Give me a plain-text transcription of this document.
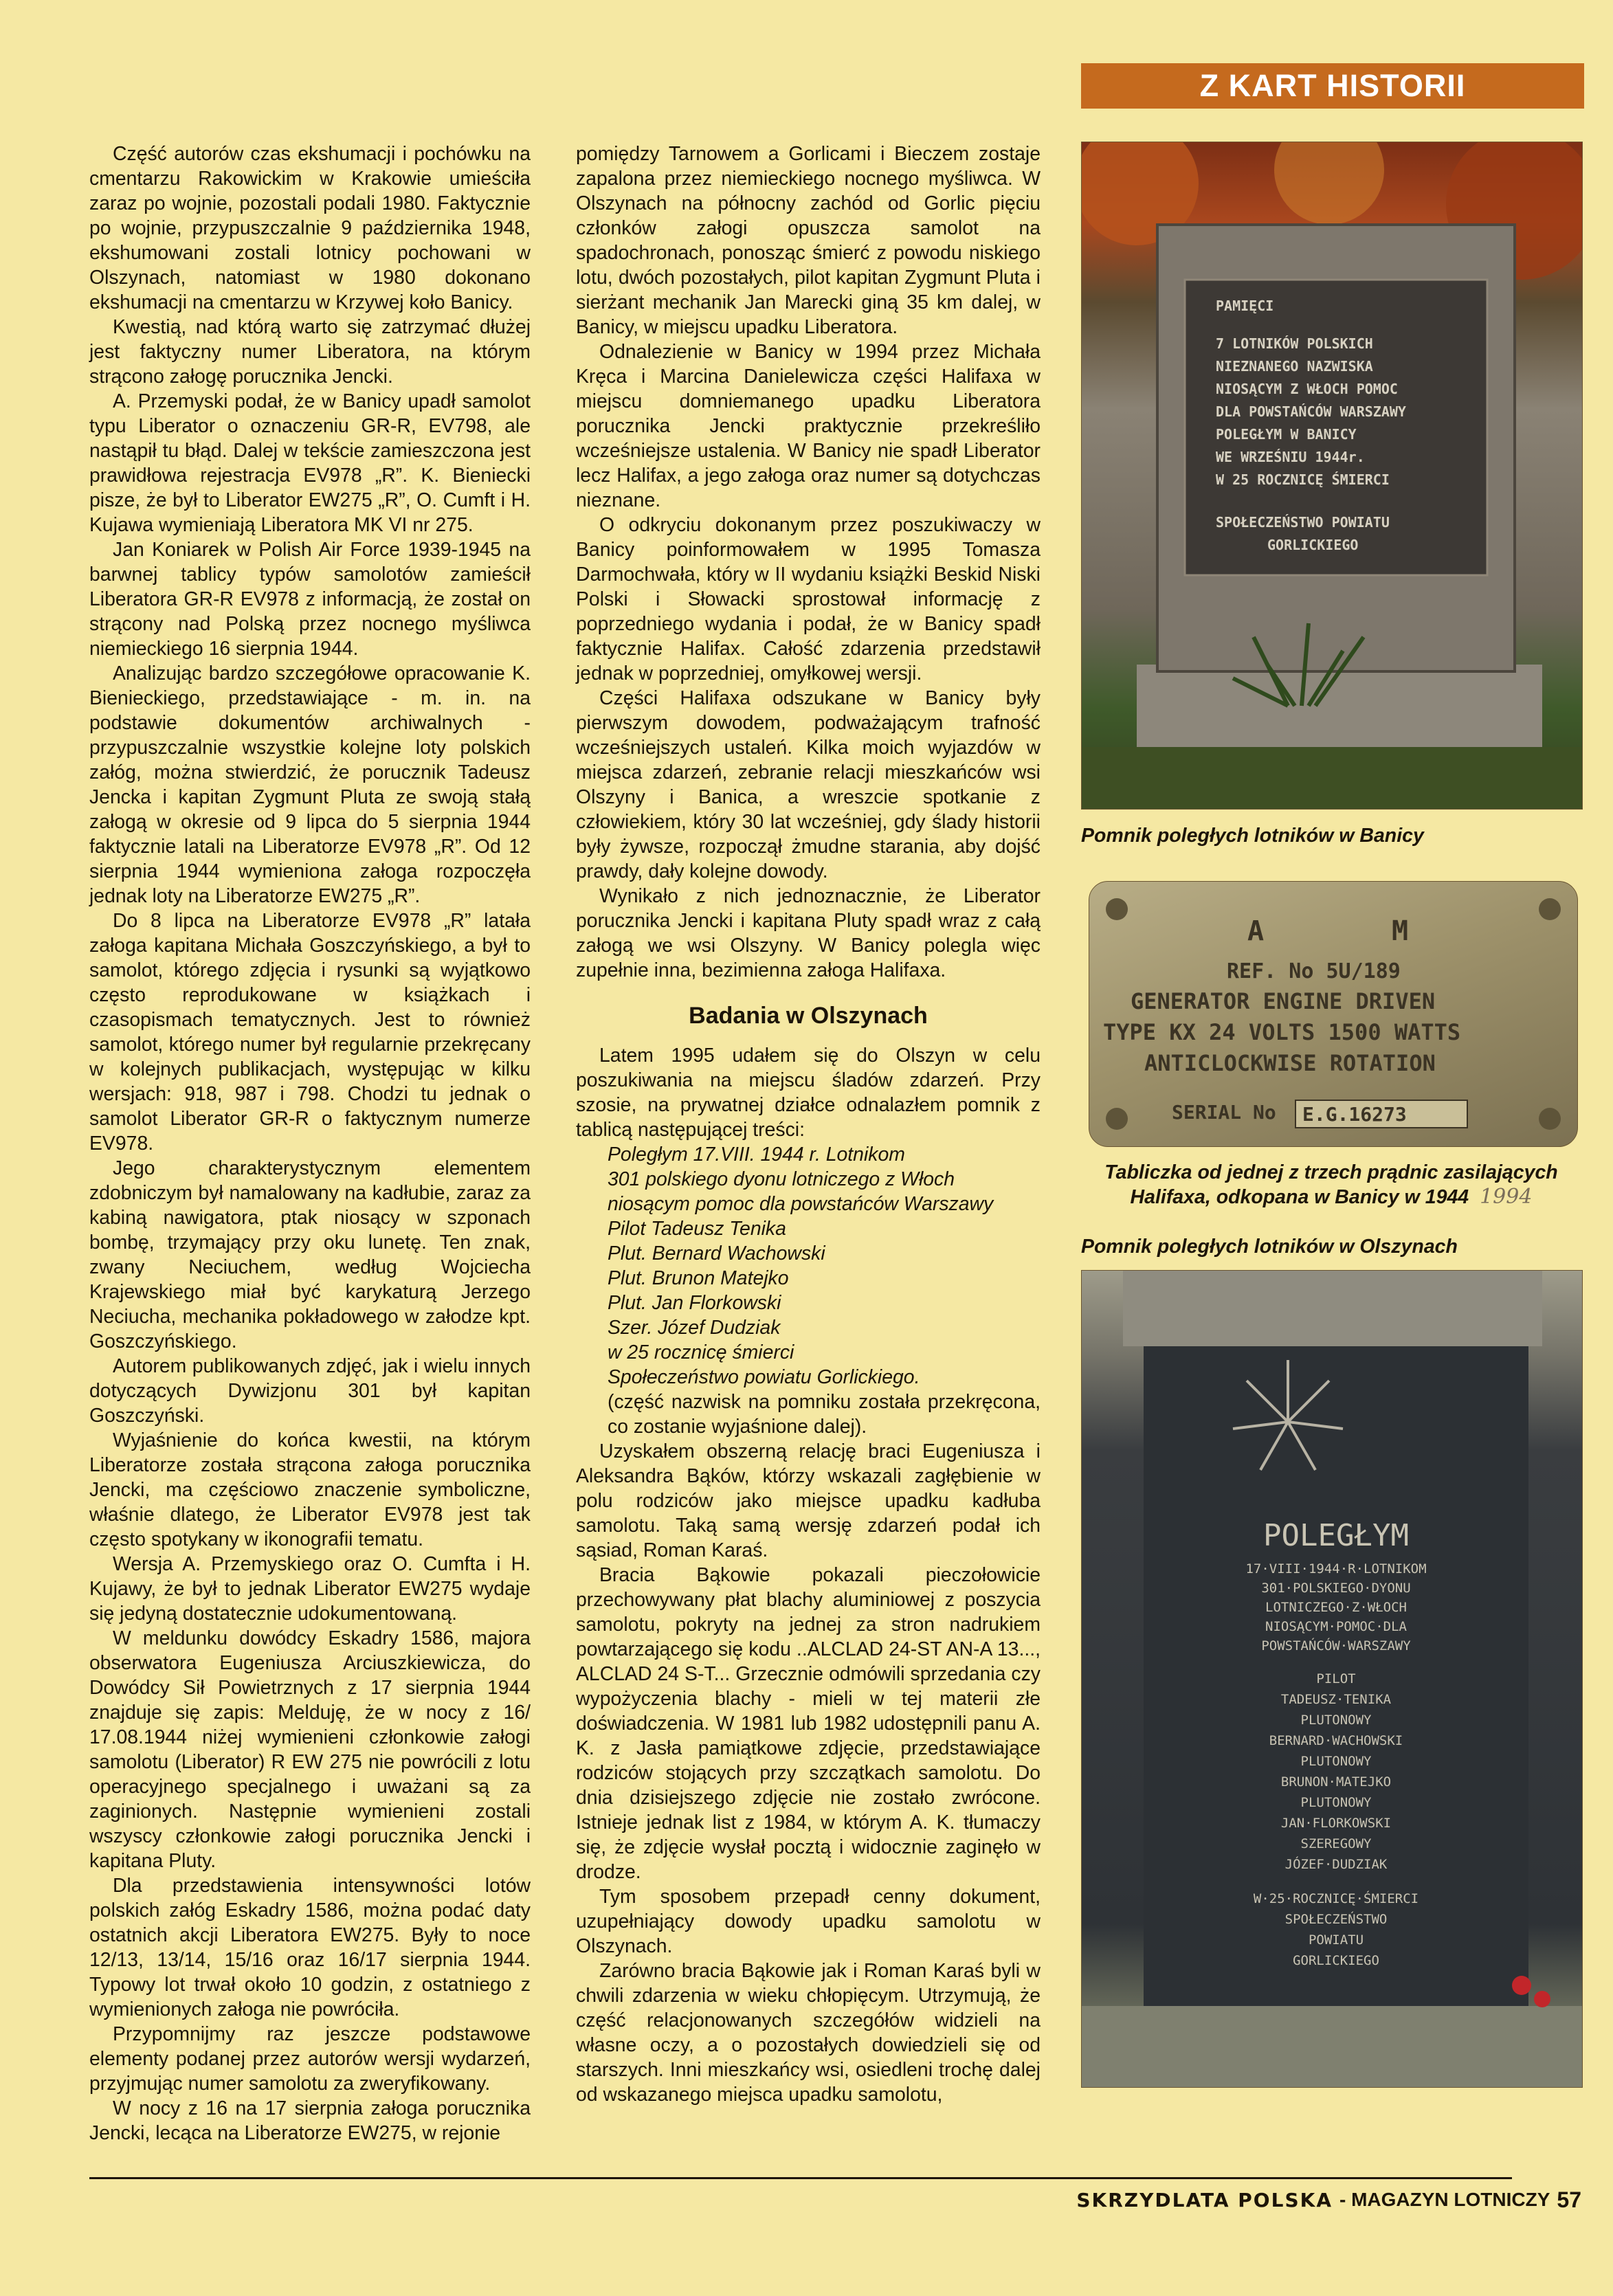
Z KART HISTORII

Część autorów czas ekshumacji i pochówku na cmentarzu Rakowickim w Krakowie umieściła zaraz po wojnie, pozostali podali 1980. Faktycznie po wojnie, przypuszczalnie 9 października 1948, ekshumowani zostali lotnicy pochowani w Olszynach, natomiast w 1980 dokonano ekshumacji na cmentarzu w Krzywej koło Banicy.

Kwestią, nad którą warto się zatrzymać dłużej jest faktyczny numer Liberatora, na którym strącono załogę porucznika Jencki.

A. Przemyski podał, że w Banicy upadł samolot typu Liberator o oznaczeniu GR-R, EV798, ale nastąpił tu błąd. Dalej w tekście zamieszczona jest prawidłowa rejestracja EV978 „R”. K. Bieniecki pisze, że był to Liberator EW275 „R”, O. Cumft i H. Kujawa wymieniają Liberatora MK VI nr 275.

Jan Koniarek w Polish Air Force 1939-1945 na barwnej tablicy typów samolotów zamieścił Liberatora GR-R EV978 z informacją, że został on strącony nad Polską przez nocnego myśliwca niemieckiego 16 sierpnia 1944.

Analizując bardzo szczegółowe opracowanie K. Bienieckiego, przedstawiające - m. in. na podstawie dokumentów archiwalnych - przypuszczalnie wszystkie kolejne loty polskich załóg, można stwierdzić, że porucznik Tadeusz Jencka i kapitan Zygmunt Pluta ze swoją stałą załogą w okresie od 9 lipca do 5 sierpnia 1944 faktycznie latali na Liberatorze EV978 „R”. Od 12 sierpnia 1944 wymieniona załoga rozpoczęła jednak loty na Liberatorze EW275 „R”.

Do 8 lipca na Liberatorze EV978 „R” latała załoga kapitana Michała Goszczyńskiego, a był to samolot, którego zdjęcia i rysunki są wyjątkowo często reprodukowane w książkach i czasopismach tematycznych. Jest to również samolot, którego numer był regularnie przekręcany w kolejnych publikacjach, występując w kilku wersjach: 918, 987 i 798. Chodzi tu jednak o samolot Liberator GR-R o faktycznym numerze EV978.

Jego charakterystycznym elementem zdobniczym był namalowany na kadłubie, zaraz za kabiną nawigatora, ptak niosący w szponach bombę, trzymający przy oku lunetę. Ten znak, zwany Neciuchem, według Wojciecha Krajewskiego miał być karykaturą Jerzego Neciucha, mechanika pokładowego w załodze kpt. Goszczyńskiego.

Autorem publikowanych zdjęć, jak i wielu innych dotyczących Dywizjonu 301 był kapitan Goszczyński.

Wyjaśnienie do końca kwestii, na którym Liberatorze została strącona załoga porucznika Jencki, ma częściowo znaczenie symboliczne, właśnie dlatego, że Liberator EV978 jest tak często spotykany w ikonografii tematu.

Wersja A. Przemyskiego oraz O. Cumfta i H. Kujawy, że był to jednak Liberator EW275 wydaje się jedyną dostatecznie udokumentowaną.

W meldunku dowódcy Eskadry 1586, majora obserwatora Eugeniusza Arciuszkiewicza, do Dowódcy Sił Powietrznych z 17 sierpnia 1944 znajduje się zapis: Melduję, że w nocy z 16/ 17.08.1944 niżej wymienieni członkowie załogi samolotu (Liberator) R EW 275 nie powrócili z lotu operacyjnego specjalnego i uważani są za zaginionych. Następnie wymienieni zostali wszyscy członkowie załogi porucznika Jencki i kapitana Pluty.

Dla przedstawienia intensywności lotów polskich załóg Eskadry 1586, można podać daty ostatnich akcji Liberatora EW275. Były to noce 12/13, 13/14, 15/16 oraz 16/17 sierpnia 1944. Typowy lot trwał około 10 godzin, z ostatniego z wymienionych załoga nie powróciła.

Przypomnijmy raz jeszcze podstawowe elementy podanej przez autorów wersji wydarzeń, przyjmując numer samolotu za zweryfikowany.

W nocy z 16 na 17 sierpnia załoga porucznika Jencki, lecąca na Liberatorze EW275, w rejonie

pomiędzy Tarnowem a Gorlicami i Bieczem zostaje zapalona przez niemieckiego nocnego myśliwca. W Olszynach na północny zachód od Gorlic pięciu członków załogi opuszcza samolot na spadochronach, ponosząc śmierć z powodu niskiego lotu, dwóch pozostałych, pilot kapitan Zygmunt Pluta i sierżant mechanik Jan Marecki giną 35 km dalej, w Banicy, w miejscu upadku Liberatora.

Odnalezienie w Banicy w 1994 przez Michała Kręca i Marcina Danielewicza części Halifaxa w miejscu domniemanego upadku Liberatora porucznika Jencki praktycznie przekreśliło wcześniejsze ustalenia. W Banicy nie spadł Liberator lecz Halifax, a jego załoga oraz numer są dotychczas nieznane.

O odkryciu dokonanym przez poszukiwaczy w Banicy poinformowałem w 1995 Tomasza Darmochwała, który w II wydaniu książki Beskid Niski Polski i Słowacki sprostował informację z poprzedniego wydania i podał, że w Banicy spadł faktycznie Halifax. Całość zdarzenia przedstawił jednak w poprzedniej, omyłkowej wersji.

Części Halifaxa odszukane w Banicy były pierwszym dowodem, podważającym trafność wcześniejszych ustaleń. Kilka moich wyjazdów w miejsca zdarzeń, zebranie relacji mieszkańców wsi Olszyny i Banica, a wreszcie spotkanie z człowiekiem, który 30 lat wcześniej, gdy ślady historii były żywsze, rozpoczął żmudne starania, aby dojść prawdy, dały kolejne dowody.

Wynikało z nich jednoznacznie, że Liberator porucznika Jencki i kapitana Pluty spadł wraz z całą załogą we wsi Olszyny. W Banicy polegla więc zupełnie inna, bezimienna załoga Halifaxa.

Badania w Olszynach

Latem 1995 udałem się do Olszyn w celu poszukiwania na miejscu śladów zdarzeń. Przy szosie, na prywatnej działce odnalazłem pomnik z tablicą następującej treści:

Poległym 17.VIII. 1944 r. Lotnikom

301 polskiego dyonu lotniczego z Włoch

niosącym pomoc dla powstańców Warszawy

Pilot Tadeusz Tenika

Plut. Bernard Wachowski

Plut. Brunon Matejko

Plut. Jan Florkowski

Szer. Józef Dudziak

w 25 rocznicę śmierci

Społeczeństwo powiatu Gorlickiego.

(część nazwisk na pomniku została przekręcona, co zostanie wyjaśnione dalej).

Uzyskałem obszerną relację braci Eugeniusza i Aleksandra Bąków, którzy wskazali zagłębienie w polu rodziców jako miejsce upadku kadłuba samolotu. Taką samą wersję zdarzeń podał ich sąsiad, Roman Karaś.

Bracia Bąkowie pokazali pieczołowicie przechowywany płat blachy aluminiowej z poszycia samolotu, pokryty na jednej za stron nadrukiem powtarzającego się kodu ..ALCLAD 24-ST AN-A 13..., ALCLAD 24 S-T... Grzecznie odmówili sprzedania czy wypożyczenia blachy - mieli w tej materii złe doświadczenia. W 1981 lub 1982 udostępnili panu A. K. z Jasła pamiątkowe zdjęcie, przedstawiające rodziców stojących przy szczątkach samolotu. Do dnia dzisiejszego zdjęcie nie zostało zwrócone. Istnieje jednak list z 1984, w którym A. K. tłumaczy się, że zdjęcie wysłał pocztą i widocznie zaginęło w drodze.

Tym sposobem przepadł cenny dokument, uzupełniający dowody upadku samolotu w Olszynach.

Zarówno bracia Bąkowie jak i Roman Karaś byli w chwili zdarzenia w wieku chłopięcym. Utrzymują, że część relacjonowanych szczegółów widzieli na własne oczy, a o pozostałych dowiedzieli się od starszych. Inni mieszkańcy wsi, osiedleni trochę dalej od wskazanego miejsca upadku samolotu,

PAMIĘCI
7 LOTNIKÓW POLSKICH
NIEZNANEGO NAZWISKA
NIOSĄCYM Z WŁOCH POMOC
DLA POWSTAŃCÓW WARSZAWY
POLEGŁYM W BANICY
WE WRZEŚNIU 1944r.
W 25 ROCZNICĘ ŚMIERCI
SPOŁECZEŃSTWO POWIATU
GORLICKIEGO
Pomnik poległych lotników w Banicy
A	M
REF. No 5U/189
GENERATOR ENGINE DRIVEN
TYPE KX 24 VOLTS 1500 WATTS
ANTICLOCKWISE ROTATION
SERIAL No E.G.16273
Tabliczka od jednej z trzech prądnic zasilających Halifaxa, odkopana w Banicy w 1944 1994
Pomnik poległych lotników w Olszynach
POLEGŁYM
17·VIII·1944·R·LOTNIKOM
301·POLSKIEGO·DYONU
LOTNICZEGO·Z·WŁOCH
NIOSĄCYM·POMOC·DLA
POWSTAŃCÓW·WARSZAWY
PILOT
TADEUSZ·TENIKA
PLUTONOWY
BERNARD·WACHOWSKI
PLUTONOWY
BRUNON·MATEJKO
PLUTONOWY
JAN·FLORKOWSKI
SZEREGOWY
JÓZEF·DUDZIAK
W·25·ROCZNICĘ·ŚMIERCI
SPOŁECZEŃSTWO
POWIATU
GORLICKIEGO
SKRZYDLATA POLSKA - MAGAZYN LOTNICZY 57
